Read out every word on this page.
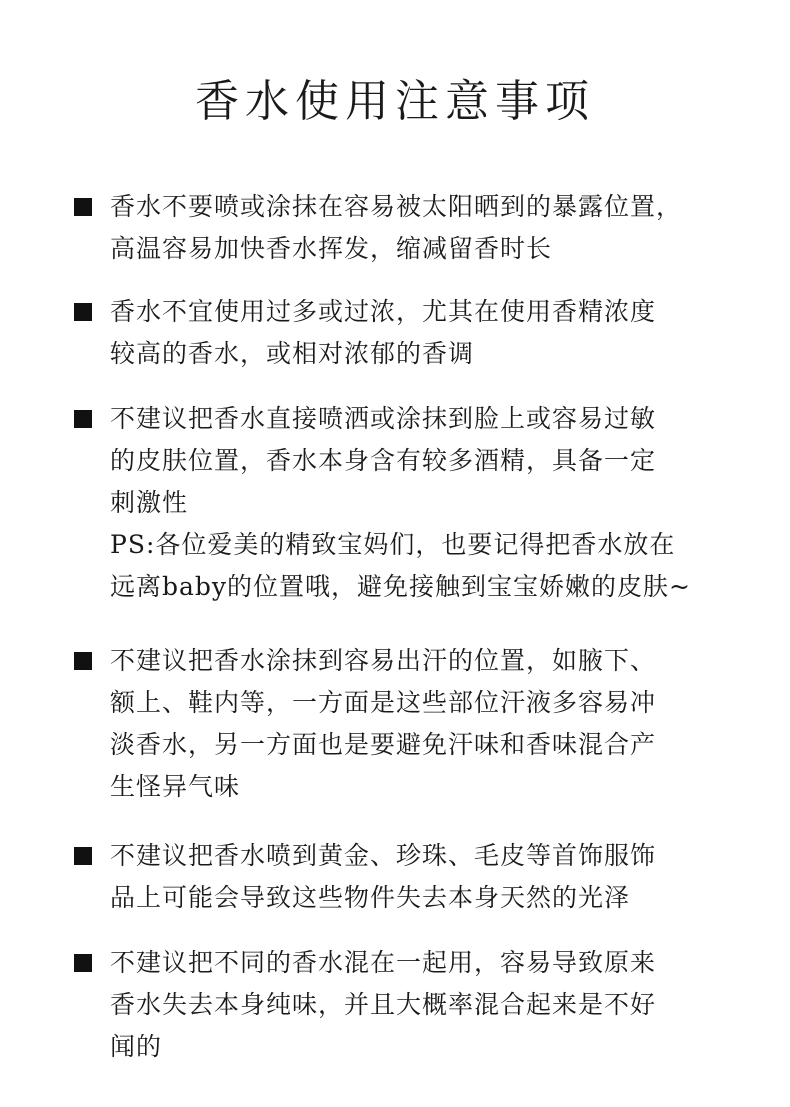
香水使用注意事项
香水不要喷或涂抹在容易被太阳晒到的暴露位置，
高温容易加快香水挥发，缩减留香时长
香水不宜使用过多或过浓，尤其在使用香精浓度
较高的香水，或相对浓郁的香调
不建议把香水直接喷洒或涂抹到脸上或容易过敏
的皮肤位置，香水本身含有较多酒精，具备一定
刺激性
PS:各位爱美的精致宝妈们，也要记得把香水放在
远离baby的位置哦，避免接触到宝宝娇嫩的皮肤~
不建议把香水涂抹到容易出汗的位置，如腋下、
额上、鞋内等，一方面是这些部位汗液多容易冲
淡香水，另一方面也是要避免汗味和香味混合产
生怪异气味
不建议把香水喷到黄金、珍珠、毛皮等首饰服饰
品上可能会导致这些物件失去本身天然的光泽
不建议把不同的香水混在一起用，容易导致原来
香水失去本身纯味，并且大概率混合起来是不好
闻的
